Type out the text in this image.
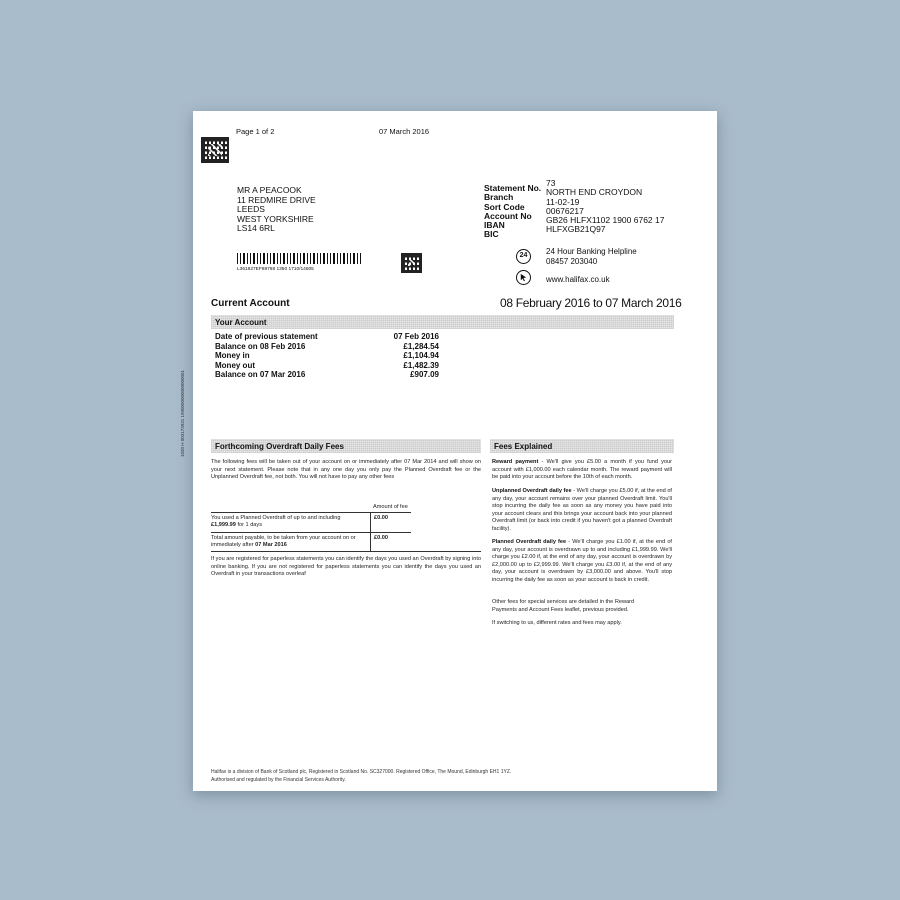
Page 1 of 2	07 March 2016
MR A PEACOOK
11 REDMIRE DRIVE
LEEDS
WEST YORKSHIRE
LS14 6RL
L361827EF68768 1350 1710/14605
Statement No. 73
Branch	NORTH END CROYDON
Sort Code	11-02-19
Account No 00676217
IBAN	GB26 HLFX1102 1900 6762 17
BIC	HLFXGB21Q97
24	24 Hour Banking Helpline
08457 203040
www.halifax.co.uk
Current Account	08 February 2016 to 07 March 2016
Your Account
Date of previous statement	07 Feb 2016
Balance on 08 Feb 2016	£1,284.54
Money in	£1,104.94
Money out	£1,482.39
Balance on 07 Mar 2016	£907.09
1030 H 003173931 1990000000000000001	Forthcoming Overdraft Daily Fees
The following fees will be taken out of your account on or immediately after 07 Mar 2014 and will show on your next statement. Please note that in any one day you only pay the Planned Overdraft fee or the Unplanned Overdraft fee, not both. You will not have to pay any other fees
Amount of fee
You used a Planned Overdraft of up to and including
£1,999.99 for 1 days
£0.00
Total amount payable, to be taken from your account on or immediately after 07 Mar 2016
£0.00
If you are registered for paperless statements you can identify the days you used an Overdraft by signing into online banking. If you are not registered for paperless statements you can identify the days you used an Overdraft in your transactions overleaf
Fees Explained
Reward payment - We'll give you £5.00 a month if you fund your account with £1,000.00 each calendar month. The reward payment will be paid into your account before the 10th of each month.
Unplanned Overdraft daily fee - We'll charge you £5.00 if, at the end of any day, your account remains over your planned Overdraft limit. You'll stop incurring the daily fee as soon as any money you have paid into your account clears and this brings your account back into your planned Overdraft limit (or back into credit if you haven't got a planned Overdraft facility).
Planned Overdraft daily fee - We'll charge you £1.00 if, at the end of any day, your account is overdrawn up to and including £1,999.99. We'll charge you £2.00 if, at the end of any day, your account is overdrawn by £2,000.00 up to £2,999.99. We'll charge you £3.00 if, at the end of any day, your account is overdrawn by £3,000.00 and above. You'll stop incurring the daily fee as soon as your account is back in credit.
Other fees for special services are detailed in the Reward Payments and Account Fees leaflet, previous provided.
If switching to us, different rates and fees may apply.
Halifax is a division of Bank of Scotland plc, Registered in Scotland No. SC327000. Registered Office, The Mound, Edinburgh EH1 1YZ.
Authorised and regulated by the Financial Services Authority.
